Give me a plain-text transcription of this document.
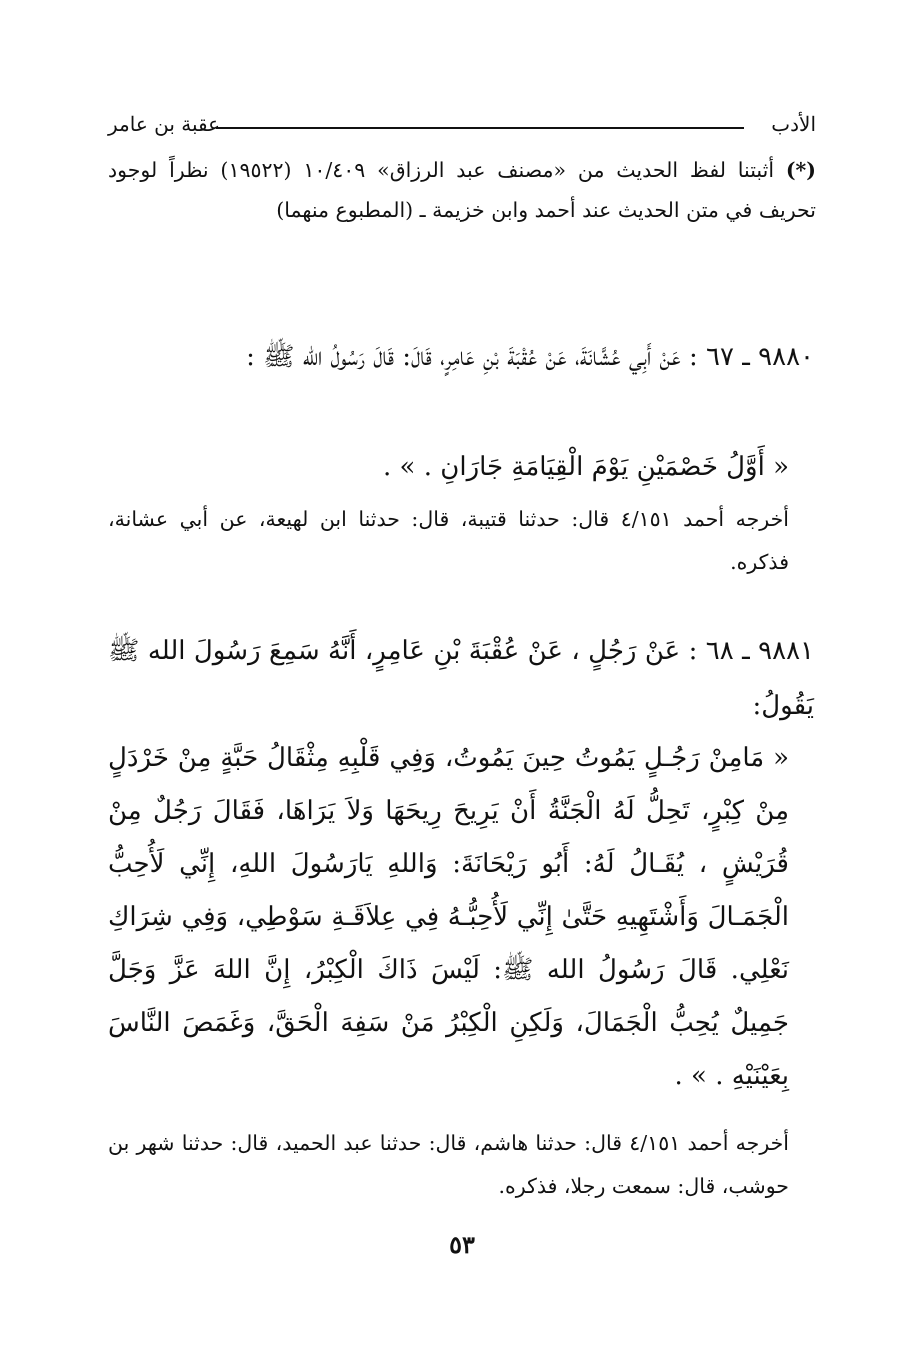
الأدب
عقبة بن عامر
(*) أثبتنا لفظ الحديث من «مصنف عبد الرزاق» ١٠/٤٠٩ (١٩٥٢٢) نظراً لوجود تحريف في متن الحديث عند أحمد وابن خزيمة ـ (المطبوع منهما)
٩٨٨٠ ـ ٦٧ : عَنْ أَبِي عُشَّانَةَ، عَنْ عُقْبَةَ بْنِ عَامِرٍ، قَالَ: قَالَ رَسُولُ الله ﷺ :
« أَوَّلُ خَصْمَيْنِ يَوْمَ الْقِيَامَةِ جَارَانِ . » .
أخرجه أحمد ٤/١٥١ قال: حدثنا قتيبة، قال: حدثنا ابن لهيعة، عن أبي عشانة، فذكره.
٩٨٨١ ـ ٦٨ : عَنْ رَجُلٍ ، عَنْ عُقْبَةَ بْنِ عَامِرٍ، أَنَّهُ سَمِعَ رَسُولَ الله ﷺ يَقُولُ:
« مَامِنْ رَجُـلٍ يَمُوتُ حِينَ يَمُوتُ، وَفِي قَلْبِهِ مِثْقَالُ حَبَّةٍ مِنْ خَرْدَلٍ مِنْ كِبْرٍ، تَحِلُّ لَهُ الْجَنَّةُ أَنْ يَرِيحَ رِيحَهَا وَلاَ يَرَاهَا، فَقَالَ رَجُلٌ مِنْ قُرَيْشٍ ، يُقَـالُ لَهُ: أَبُو رَيْحَانَةَ: وَاللهِ يَارَسُولَ اللهِ، إِنِّي لَأُحِبُّ الْجَمَـالَ وَأَشْتَهِيهِ حَتَّىٰ إِنِّي لَأُحِبُّـهُ فِي عِلاَقَـةِ سَوْطِي، وَفِي شِرَاكِ نَعْلِي. قَالَ رَسُولُ الله ﷺ: لَيْسَ ذَاكَ الْكِبْرُ، إِنَّ اللهَ عَزَّ وَجَلَّ جَمِيلٌ يُحِبُّ الْجَمَالَ، وَلَكِنِ الْكِبْرُ مَنْ سَفِهَ الْحَقَّ، وَغَمَصَ النَّاسَ بِعَيْنَيْهِ . » .
أخرجه أحمد ٤/١٥١ قال: حدثنا هاشم، قال: حدثنا عبد الحميد، قال: حدثنا شهر بن حوشب، قال: سمعت رجلا، فذكره.
٥٣
